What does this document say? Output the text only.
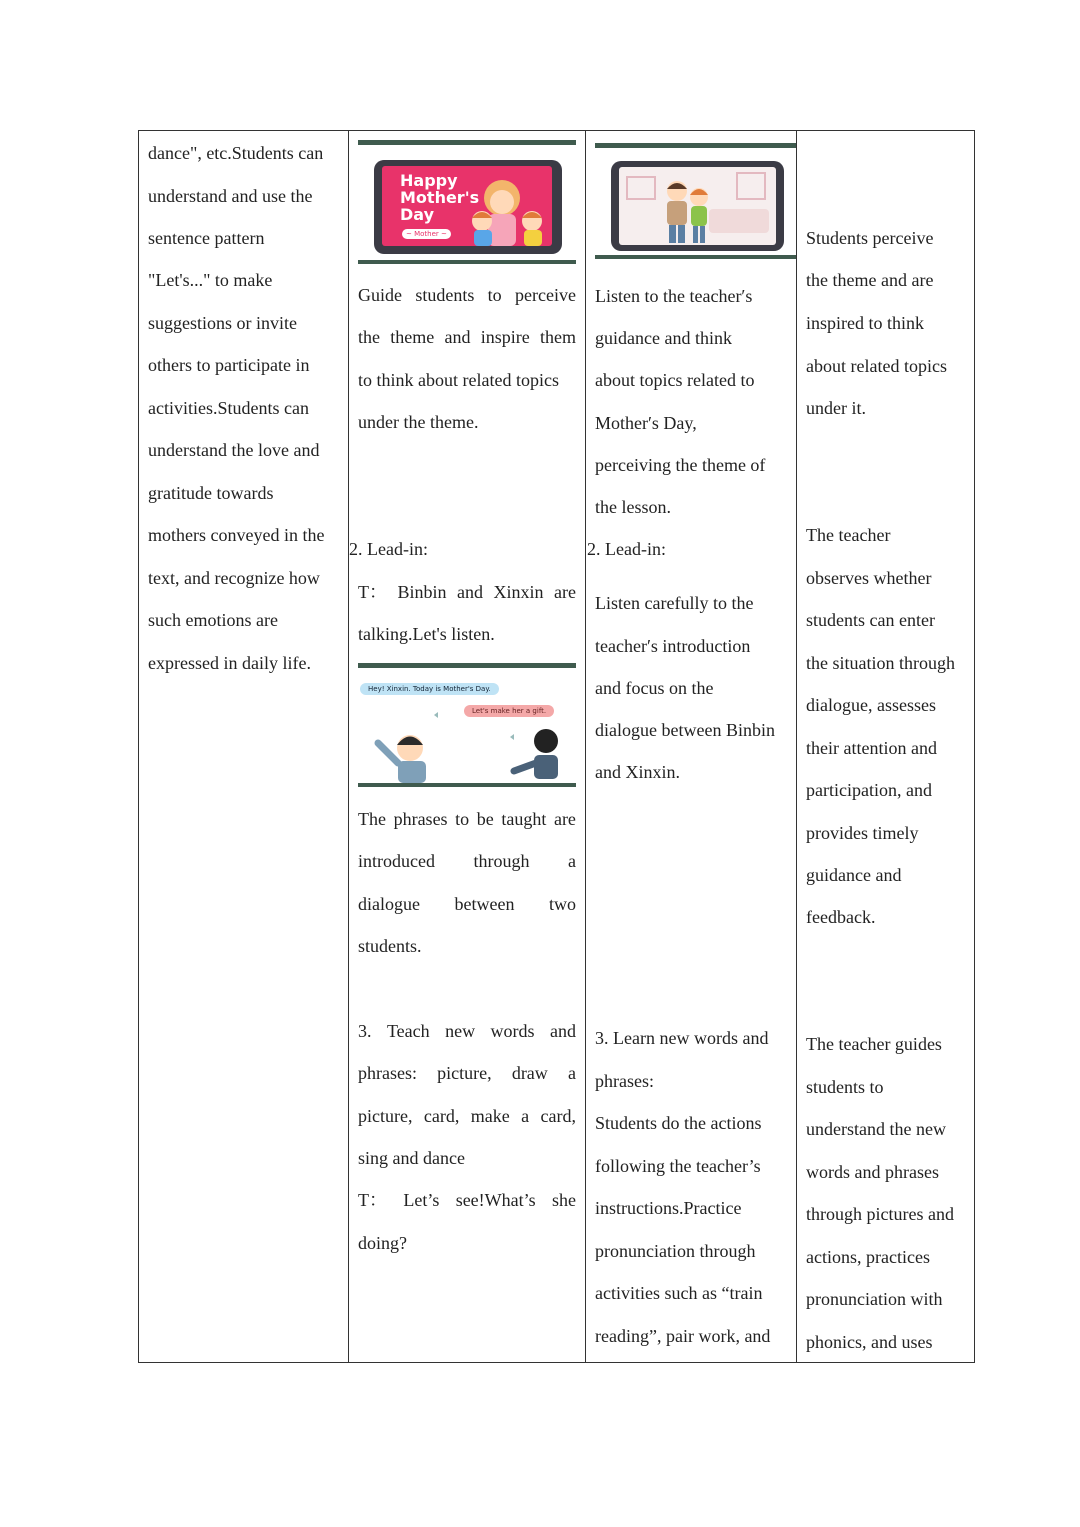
dance", etc.Students can
understand and use the
sentence pattern
"Let's..." to make
suggestions or invite
others to participate in
activities.Students can
understand the love and
gratitude towards
mothers conveyed in the
text, and recognize how
such emotions are
expressed in daily life.
Happy
Mother's
Day
~ Mother ~
Guide students to perceive
the theme and inspire them
to think about related topics
under the theme.
2. Lead-in:
T： Binbin and Xinxin are
talking.Let's listen.
Hey! Xinxin. Today is Mother's Day.
Let's make her a gift.
The phrases to be taught are
introduced through a
dialogue between two
students.
3. Teach new words and
phrases: picture, draw a
picture, card, make a card,
sing and dance
T： Let’s see!What’s she
doing?
Listen to the teacher′s
guidance and think
about topics related to
Mother′s Day,
perceiving the theme of
the lesson.
2. Lead-in:
Listen carefully to the
teacher′s introduction
and focus on the
dialogue between Binbin
and Xinxin.
3. Learn new words and
phrases:
Students do the actions
following the teacher’s
instructions.Practice
pronunciation through
activities such as “train
reading”, pair work, and
Students perceive
the theme and are
inspired to think
about related topics
under it.
The teacher
observes whether
students can enter
the situation through
dialogue, assesses
their attention and
participation, and
provides timely
guidance and
feedback.
The teacher guides
students to
understand the new
words and phrases
through pictures and
actions, practices
pronunciation with
phonics, and uses
